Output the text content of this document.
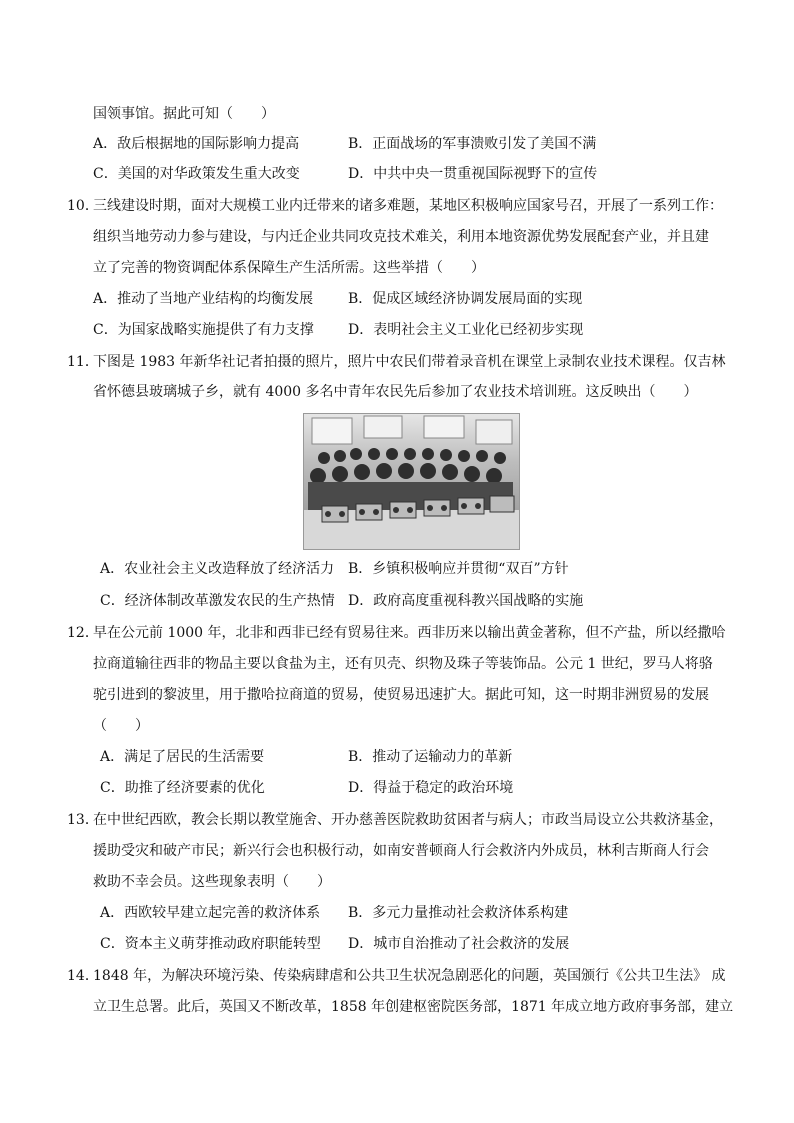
国领事馆。据此可知（　　）
A．敌后根据地的国际影响力提高	B．正面战场的军事溃败引发了美国不满
C．美国的对华政策发生重大改变	D．中共中央一贯重视国际视野下的宣传
10．
三线建设时期，面对大规模工业内迁带来的诸多难题，某地区积极响应国家号召，开展了一系列工作：
组织当地劳动力参与建设，与内迁企业共同攻克技术难关，利用本地资源优势发展配套产业，并且建
立了完善的物资调配体系保障生产生活所需。这些举措（　　）
A．推动了当地产业结构的均衡发展 B．促成区域经济协调发展局面的实现
C．为国家战略实施提供了有力支撑 D．表明社会主义工业化已经初步实现
11．
下图是 1983 年新华社记者拍摄的照片，照片中农民们带着录音机在课堂上录制农业技术课程。仅吉林
省怀德县玻璃城子乡，就有 4000 多名中青年农民先后参加了农业技术培训班。这反映出（　　）
A．农业社会主义改造释放了经济活力 B．乡镇积极响应并贯彻“双百”方针
C．经济体制改革激发农民的生产热情 D．政府高度重视科教兴国战略的实施
12．
早在公元前 1000 年，北非和西非已经有贸易往来。西非历来以输出黄金著称，但不产盐，所以经撒哈
拉商道输往西非的物品主要以食盐为主，还有贝壳、织物及珠子等装饰品。公元 1 世纪，罗马人将骆
驼引进到的黎波里，用于撒哈拉商道的贸易，使贸易迅速扩大。据此可知，这一时期非洲贸易的发展
（　　）
A．满足了居民的生活需要	B．推动了运输动力的革新
C．助推了经济要素的优化	D．得益于稳定的政治环境
13．
在中世纪西欧，教会长期以教堂施舍、开办慈善医院救助贫困者与病人；市政当局设立公共救济基金，
援助受灾和破产市民；新兴行会也积极行动，如南安普顿商人行会救济内外成员，林利吉斯商人行会
救助不幸会员。这些现象表明（　　）
A．西欧较早建立起完善的救济体系 B．多元力量推动社会救济体系构建
C．资本主义萌芽推动政府职能转型 D．城市自治推动了社会救济的发展
14．
1848 年，为解决环境污染、传染病肆虐和公共卫生状况急剧恶化的问题，英国颁行《公共卫生法》 成
立卫生总署。此后，英国又不断改革，1858 年创建枢密院医务部，1871 年成立地方政府事务部，建立
